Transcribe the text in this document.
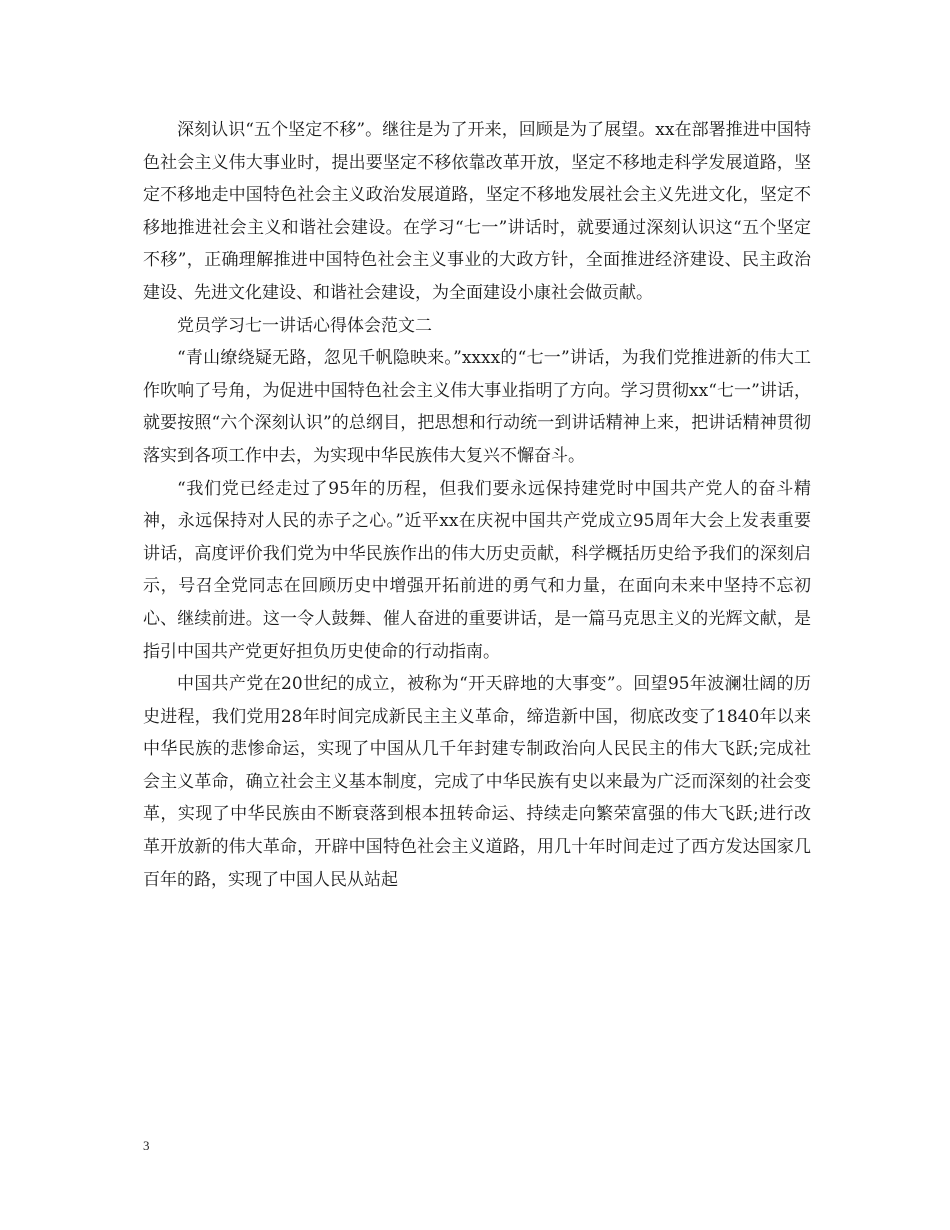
深刻认识“五个坚定不移”。继往是为了开来，回顾是为了展望。xx在部署推进中国特色社会主义伟大事业时，提出要坚定不移依靠改革开放，坚定不移地走科学发展道路，坚定不移地走中国特色社会主义政治发展道路，坚定不移地发展社会主义先进文化，坚定不移地推进社会主义和谐社会建设。在学习“七一”讲话时，就要通过深刻认识这“五个坚定不移”，正确理解推进中国特色社会主义事业的大政方针，全面推进经济建设、民主政治建设、先进文化建设、和谐社会建设，为全面建设小康社会做贡献。

党员学习七一讲话心得体会范文二

“青山缭绕疑无路，忽见千帆隐映来。”xxxx的“七一”讲话，为我们党推进新的伟大工作吹响了号角，为促进中国特色社会主义伟大事业指明了方向。学习贯彻xx“七一”讲话，就要按照“六个深刻认识”的总纲目，把思想和行动统一到讲话精神上来，把讲话精神贯彻落实到各项工作中去，为实现中华民族伟大复兴不懈奋斗。

“我们党已经走过了95年的历程，但我们要永远保持建党时中国共产党人的奋斗精神，永远保持对人民的赤子之心。”近平xx在庆祝中国共产党成立95周年大会上发表重要讲话，高度评价我们党为中华民族作出的伟大历史贡献，科学概括历史给予我们的深刻启示，号召全党同志在回顾历史中增强开拓前进的勇气和力量，在面向未来中坚持不忘初心、继续前进。这一令人鼓舞、催人奋进的重要讲话，是一篇马克思主义的光辉文献，是指引中国共产党更好担负历史使命的行动指南。

中国共产党在20世纪的成立，被称为“开天辟地的大事变”。回望95年波澜壮阔的历史进程，我们党用28年时间完成新民主主义革命，缔造新中国，彻底改变了1840年以来中华民族的悲惨命运，实现了中国从几千年封建专制政治向人民民主的伟大飞跃;完成社会主义革命，确立社会主义基本制度，完成了中华民族有史以来最为广泛而深刻的社会变革，实现了中华民族由不断衰落到根本扭转命运、持续走向繁荣富强的伟大飞跃;进行改革开放新的伟大革命，开辟中国特色社会主义道路，用几十年时间走过了西方发达国家几百年的路，实现了中国人民从站起

3
